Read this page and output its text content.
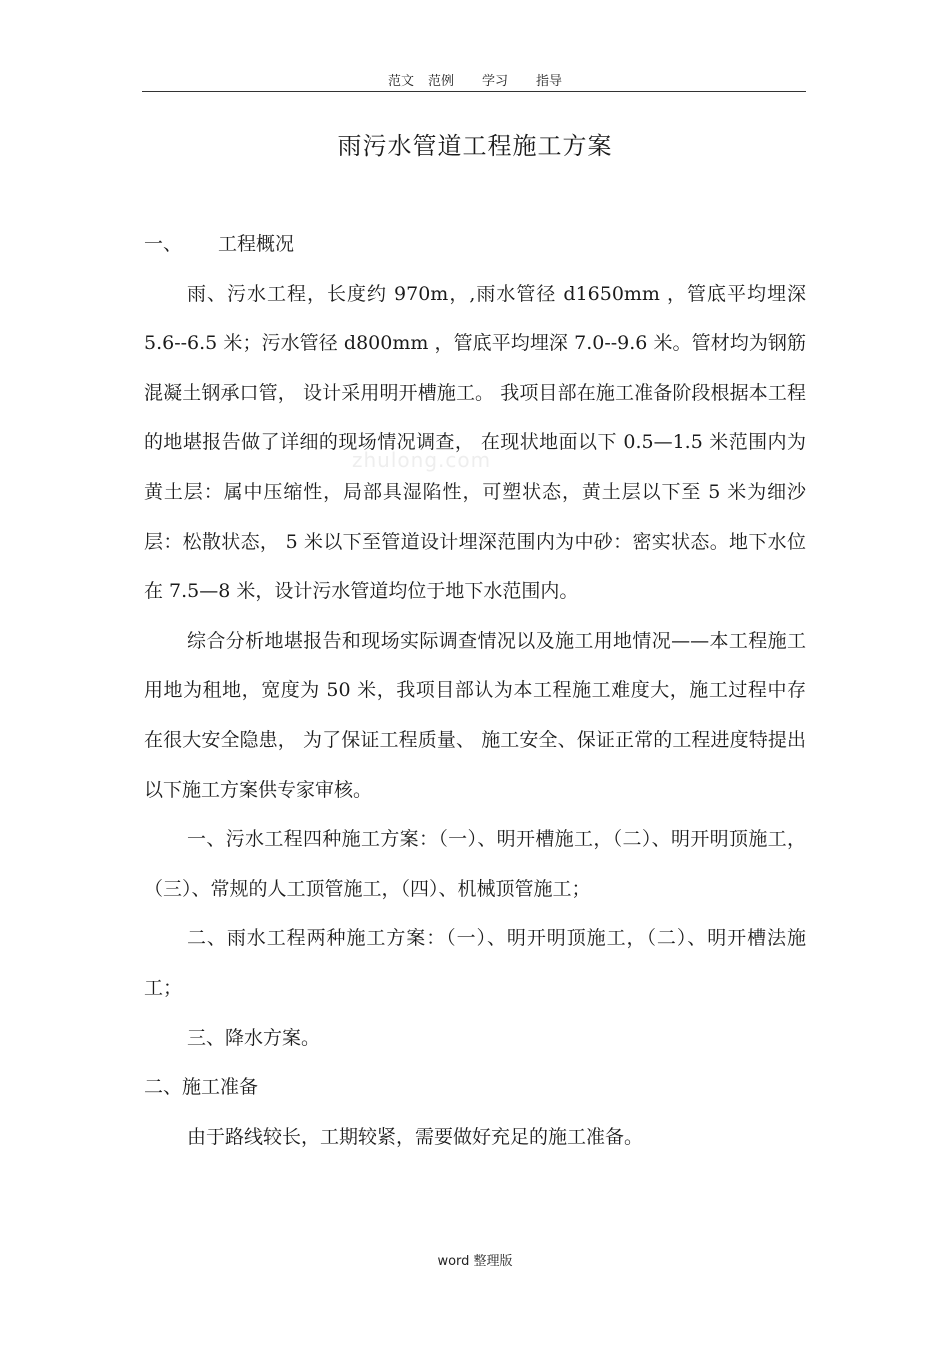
范文 范例 学习 指导
雨污水管道工程施工方案
zhulong.com

一、 工程概况

雨、污水工程，长度约 970m，,雨水管径 d1650mm ，管底平均埋深 5.6--6.5 米；污水管径 d800mm ，管底平均埋深 7.0--9.6 米。管材均为钢筋混凝土钢承口管， 设计采用明开槽施工。 我项目部在施工准备阶段根据本工程的地堪报告做了详细的现场情况调查， 在现状地面以下 0.5—1.5 米范围内为黄土层：属中压缩性，局部具湿陷性，可塑状态，黄土层以下至 5 米为细沙层：松散状态， 5 米以下至管道设计埋深范围内为中砂：密实状态。地下水位在 7.5—8 米，设计污水管道均位于地下水范围内。

综合分析地堪报告和现场实际调查情况以及施工用地情况——本工程施工用地为租地，宽度为 50 米，我项目部认为本工程施工难度大，施工过程中存在很大安全隐患， 为了保证工程质量、 施工安全、保证正常的工程进度特提出以下施工方案供专家审核。

一、污水工程四种施工方案：（一）、明开槽施工，（二）、明开明顶施工，（三）、常规的人工顶管施工，（四）、机械顶管施工；

二、雨水工程两种施工方案：（一）、明开明顶施工，（二）、明开槽法施工；

三、降水方案。

二、施工准备

由于路线较长，工期较紧，需要做好充足的施工准备。

word 整理版
